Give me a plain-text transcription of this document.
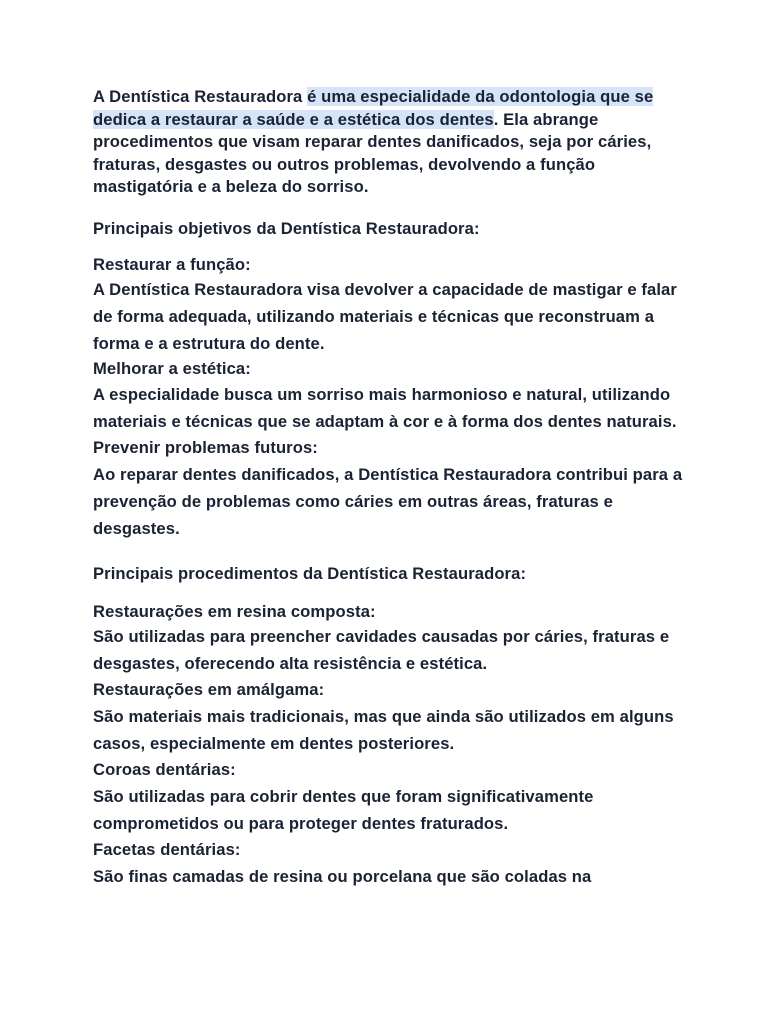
A Dentística Restauradora é uma especialidade da odontologia que se dedica a restaurar a saúde e a estética dos dentes. Ela abrange procedimentos que visam reparar dentes danificados, seja por cáries, fraturas, desgastes ou outros problemas, devolvendo a função mastigatória e a beleza do sorriso.

Principais objetivos da Dentística Restauradora:

Restaurar a função:

A Dentística Restauradora visa devolver a capacidade de mastigar e falar de forma adequada, utilizando materiais e técnicas que reconstruam a forma e a estrutura do dente.

Melhorar a estética:

A especialidade busca um sorriso mais harmonioso e natural, utilizando materiais e técnicas que se adaptam à cor e à forma dos dentes naturais.

Prevenir problemas futuros:

Ao reparar dentes danificados, a Dentística Restauradora contribui para a prevenção de problemas como cáries em outras áreas, fraturas e desgastes.

Principais procedimentos da Dentística Restauradora:

Restaurações em resina composta:

São utilizadas para preencher cavidades causadas por cáries, fraturas e desgastes, oferecendo alta resistência e estética.

Restaurações em amálgama:

São materiais mais tradicionais, mas que ainda são utilizados em alguns casos, especialmente em dentes posteriores.

Coroas dentárias:

São utilizadas para cobrir dentes que foram significativamente comprometidos ou para proteger dentes fraturados.

Facetas dentárias:

São finas camadas de resina ou porcelana que são coladas na
